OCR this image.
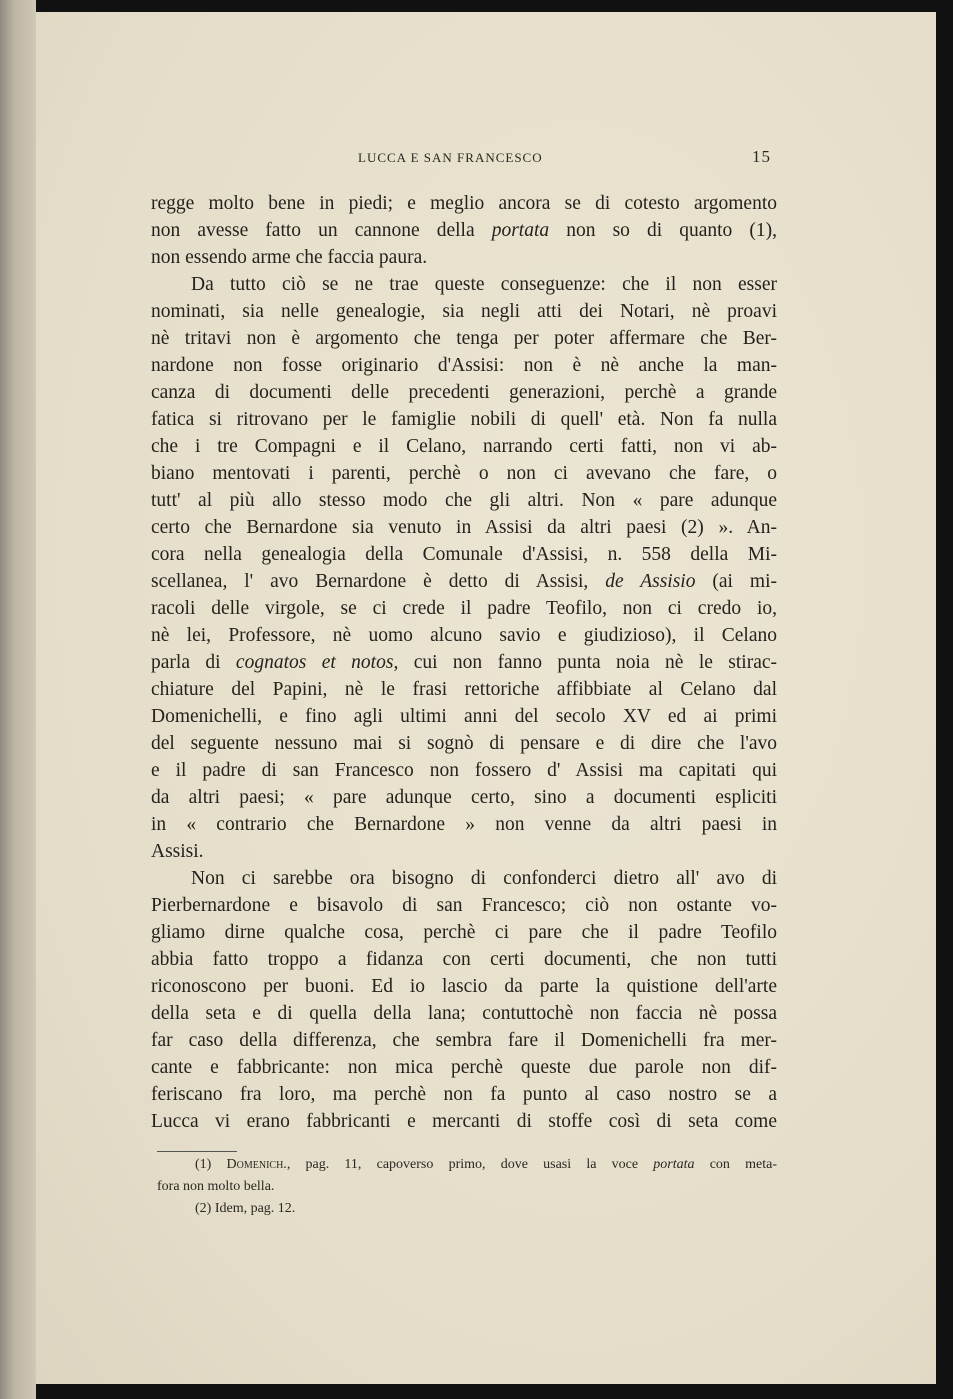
LUCCA E SAN FRANCESCO	15
regge molto bene in piedi; e meglio ancora se di cotesto argomento
non avesse fatto un cannone della portata non so di quanto (1),
non essendo arme che faccia paura.
Da tutto ciò se ne trae queste conseguenze: che il non esser
nominati, sia nelle genealogie, sia negli atti dei Notari, nè proavi
nè tritavi non è argomento che tenga per poter affermare che Ber-
nardone non fosse originario d'Assisi: non è nè anche la man-
canza di documenti delle precedenti generazioni, perchè a grande
fatica si ritrovano per le famiglie nobili di quell' età. Non fa nulla
che i tre Compagni e il Celano, narrando certi fatti, non vi ab-
biano mentovati i parenti, perchè o non ci avevano che fare, o
tutt' al più allo stesso modo che gli altri. Non « pare adunque
certo che Bernardone sia venuto in Assisi da altri paesi (2) ». An-
cora nella genealogia della Comunale d'Assisi, n. 558 della Mi-
scellanea, l' avo Bernardone è detto di Assisi, de Assisio (ai mi-
racoli delle virgole, se ci crede il padre Teofilo, non ci credo io,
nè lei, Professore, nè uomo alcuno savio e giudizioso), il Celano
parla di cognatos et notos, cui non fanno punta noia nè le stirac-
chiature del Papini, nè le frasi rettoriche affibbiate al Celano dal
Domenichelli, e fino agli ultimi anni del secolo XV ed ai primi
del seguente nessuno mai si sognò di pensare e di dire che l'avo
e il padre di san Francesco non fossero d' Assisi ma capitati qui
da altri paesi; « pare adunque certo, sino a documenti espliciti
in « contrario che Bernardone » non venne da altri paesi in
Assisi.
Non ci sarebbe ora bisogno di confonderci dietro all' avo di
Pierbernardone e bisavolo di san Francesco; ciò non ostante vo-
gliamo dirne qualche cosa, perchè ci pare che il padre Teofilo
abbia fatto troppo a fidanza con certi documenti, che non tutti
riconoscono per buoni. Ed io lascio da parte la quistione dell'arte
della seta e di quella della lana; contuttochè non faccia nè possa
far caso della differenza, che sembra fare il Domenichelli fra mer-
cante e fabbricante: non mica perchè queste due parole non dif-
feriscano fra loro, ma perchè non fa punto al caso nostro se a
Lucca vi erano fabbricanti e mercanti di stoffe così di seta come
(1) Domenich., pag. 11, capoverso primo, dove usasi la voce portata con meta-
fora non molto bella.
(2) Idem, pag. 12.
